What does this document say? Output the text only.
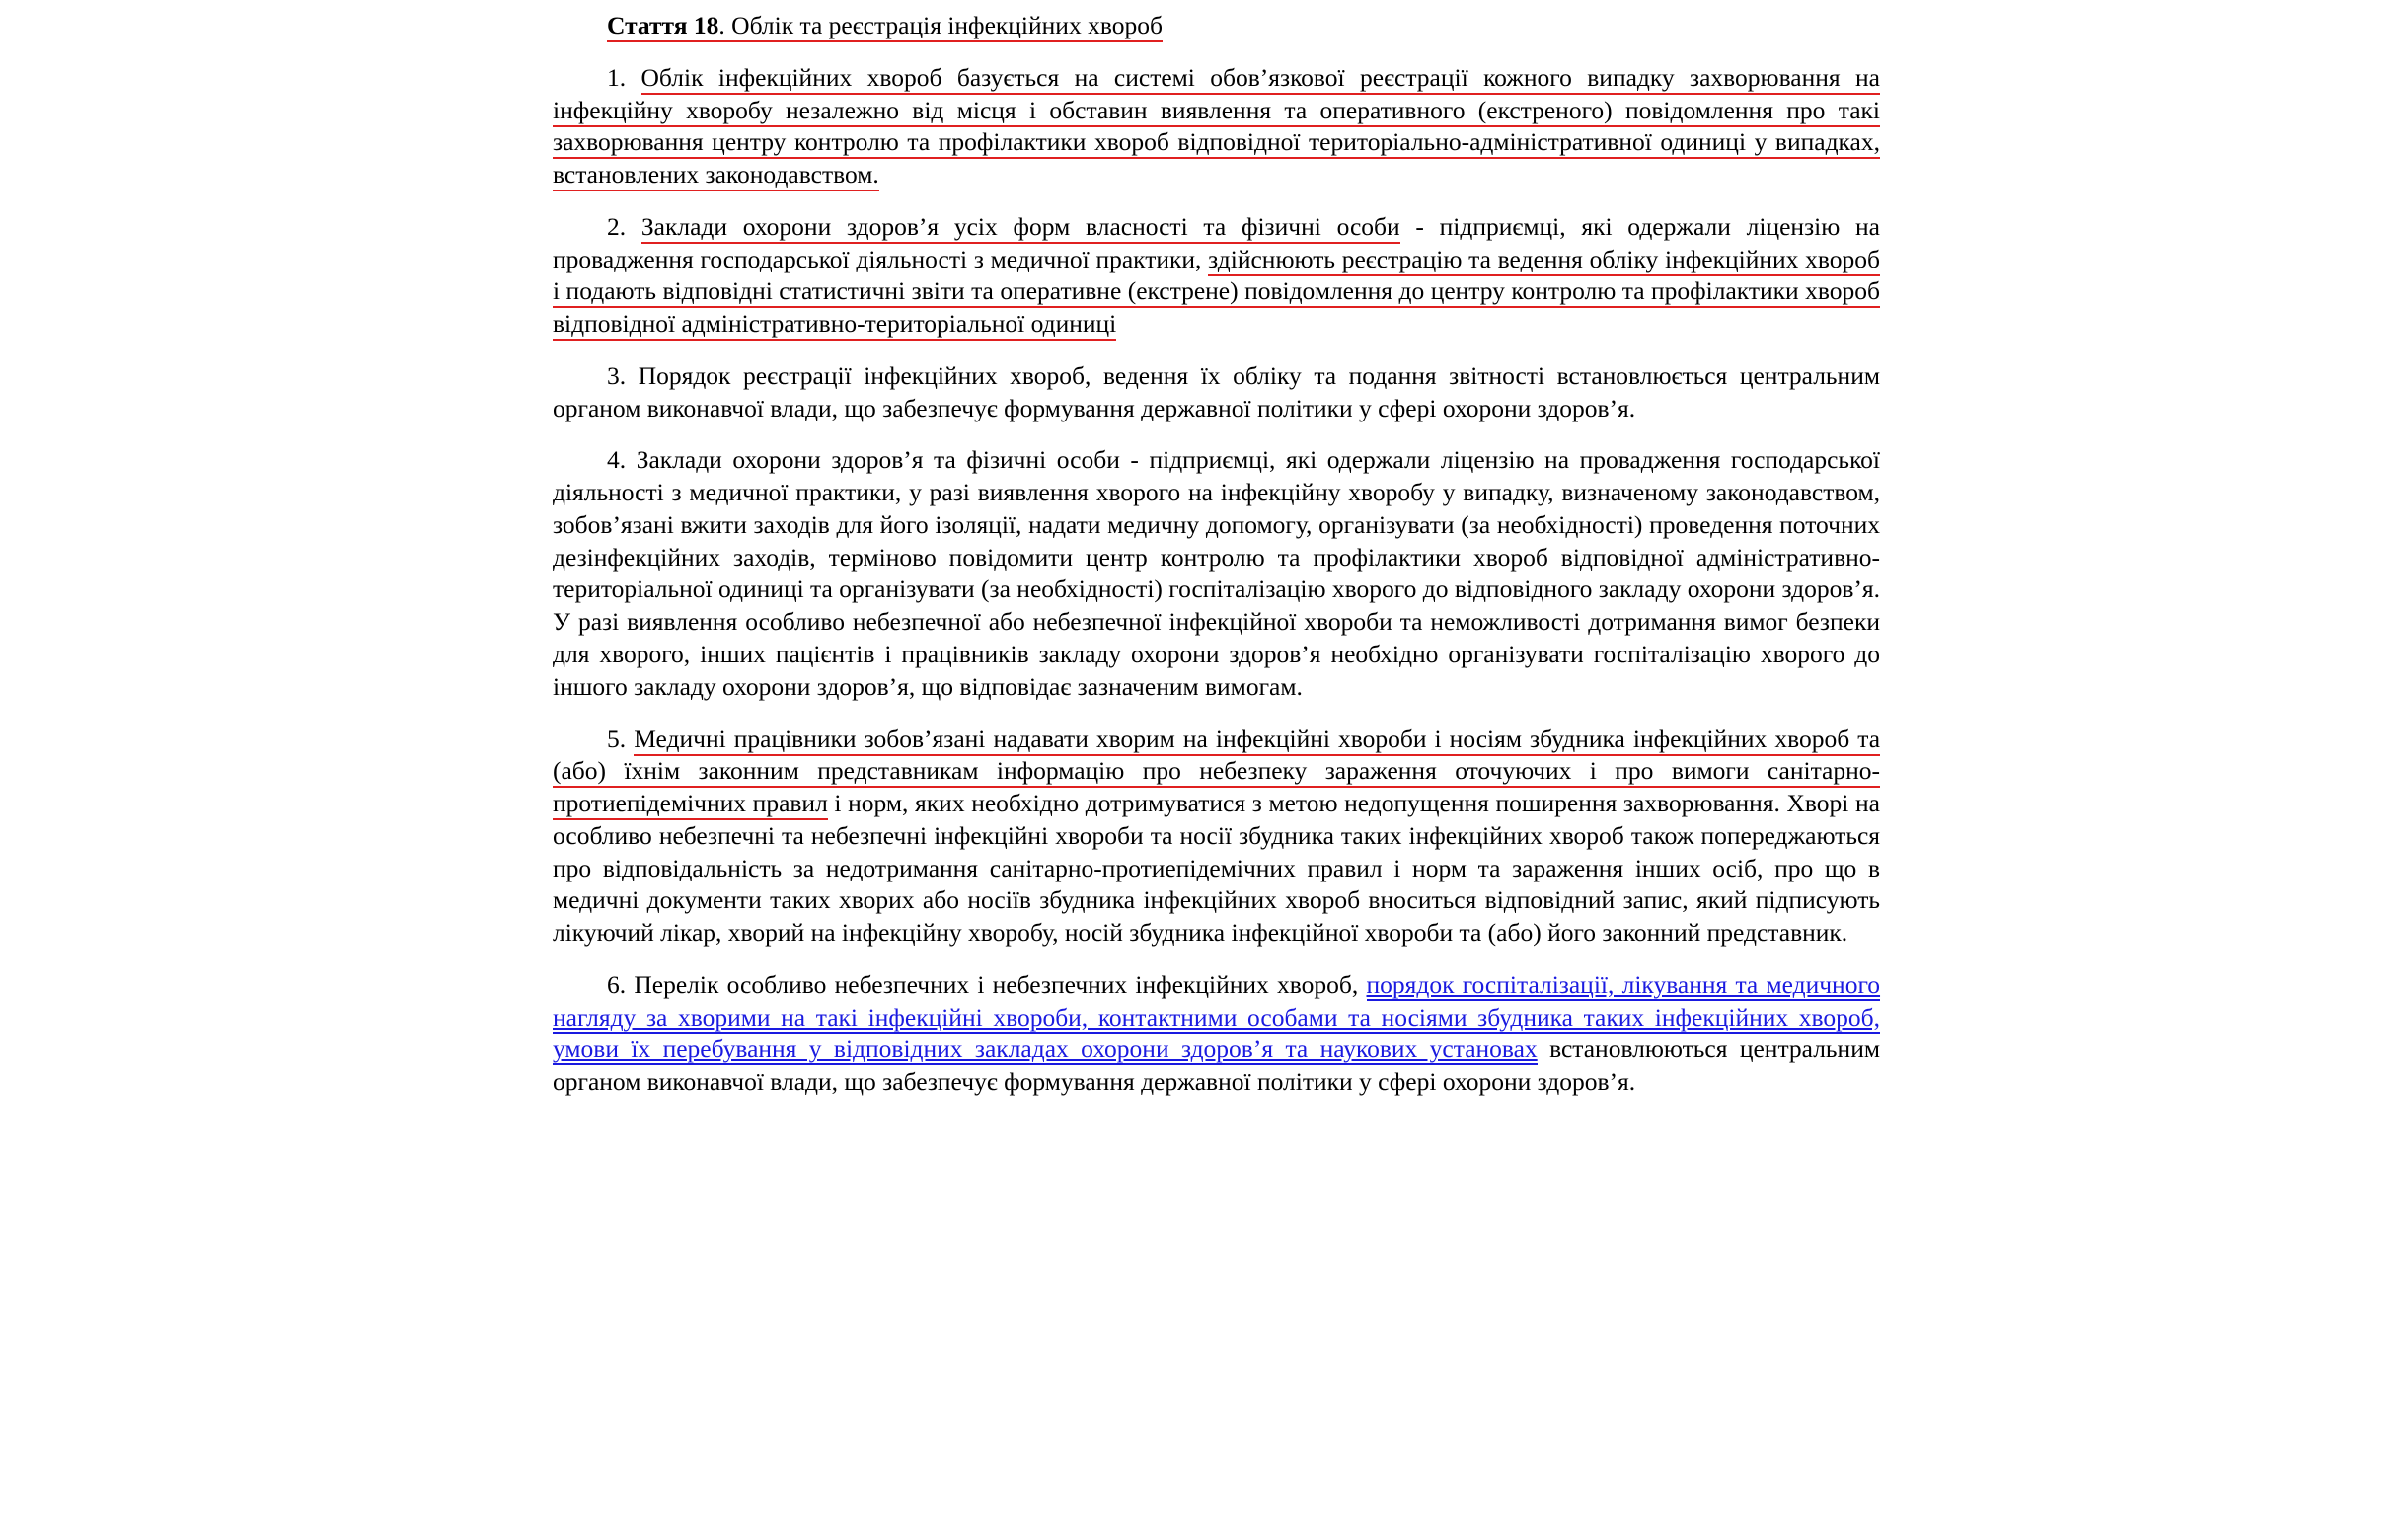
Стаття 18. Облік та реєстрація інфекційних хвороб

1. Облік інфекційних хвороб базується на системі обов’язкової реєстрації кожного випадку захворювання на інфекційну хворобу незалежно від місця і обставин виявлення та оперативного (екстреного) повідомлення про такі захворювання центру контролю та профілактики хвороб відповідної територіально-адміністративної одиниці у випадках, встановлених законодавством.

2. Заклади охорони здоров’я усіх форм власності та фізичні особи - підприємці, які одержали ліцензію на провадження господарської діяльності з медичної практики, здійснюють реєстрацію та ведення обліку інфекційних хвороб і подають відповідні статистичні звіти та оперативне (екстрене) повідомлення до центру контролю та профілактики хвороб відповідної адміністративно-територіальної одиниці

3. Порядок реєстрації інфекційних хвороб, ведення їх обліку та подання звітності встановлюється центральним органом виконавчої влади, що забезпечує формування державної політики у сфері охорони здоров’я.

4. Заклади охорони здоров’я та фізичні особи - підприємці, які одержали ліцензію на провадження господарської діяльності з медичної практики, у разі виявлення хворого на інфекційну хворобу у випадку, визначеному законодавством, зобов’язані вжити заходів для його ізоляції, надати медичну допомогу, організувати (за необхідності) проведення поточних дезінфекційних заходів, терміново повідомити центр контролю та профілактики хвороб відповідної адміністративно-територіальної одиниці та організувати (за необхідності) госпіталізацію хворого до відповідного закладу охорони здоров’я. У разі виявлення особливо небезпечної або небезпечної інфекційної хвороби та неможливості дотримання вимог безпеки для хворого, інших пацієнтів і працівників закладу охорони здоров’я необхідно організувати госпіталізацію хворого до іншого закладу охорони здоров’я, що відповідає зазначеним вимогам.

5. Медичні працівники зобов’язані надавати хворим на інфекційні хвороби і носіям збудника інфекційних хвороб та (або) їхнім законним представникам інформацію про небезпеку зараження оточуючих і про вимоги санітарно-протиепідемічних правил і норм, яких необхідно дотримуватися з метою недопущення поширення захворювання. Хворі на особливо небезпечні та небезпечні інфекційні хвороби та носії збудника таких інфекційних хвороб також попереджаються про відповідальність за недотримання санітарно-протиепідемічних правил і норм та зараження інших осіб, про що в медичні документи таких хворих або носіїв збудника інфекційних хвороб вноситься відповідний запис, який підписують лікуючий лікар, хворий на інфекційну хворобу, носій збудника інфекційної хвороби та (або) його законний представник.

6. Перелік особливо небезпечних і небезпечних інфекційних хвороб, порядок госпіталізації, лікування та медичного нагляду за хворими на такі інфекційні хвороби, контактними особами та носіями збудника таких інфекційних хвороб, умови їх перебування у відповідних закладах охорони здоров’я та наукових установах встановлюються центральним органом виконавчої влади, що забезпечує формування державної політики у сфері охорони здоров’я.
